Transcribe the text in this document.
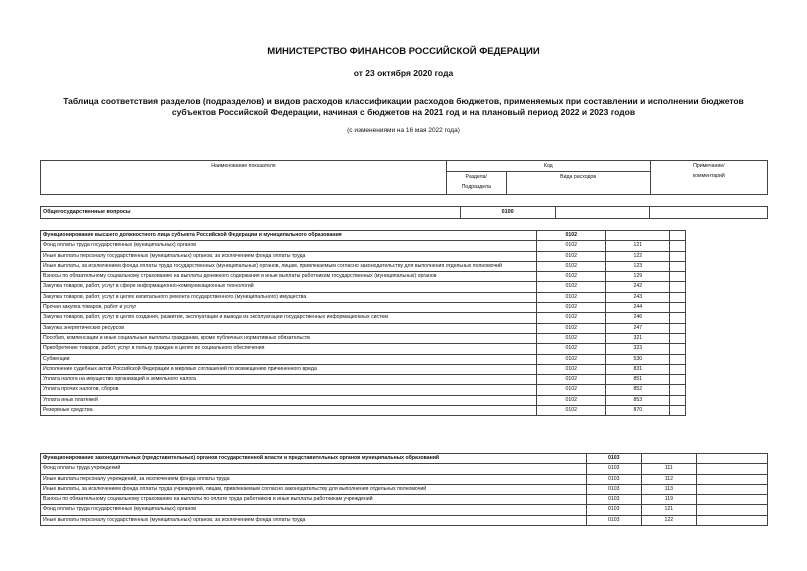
МИНИСТЕРСТВО ФИНАНСОВ РОССИЙСКОЙ ФЕДЕРАЦИИ
от 23 октября 2020 года
Таблица соответствия разделов (подразделов) и видов расходов классификации расходов бюджетов, применяемых при составлении и исполнении бюджетов субъектов Российской Федерации, начиная с бюджетов на 2021 год и на плановый период 2022 и 2023 годов
(с изменениями на 16 мая 2022 года)
Наименование показателя	Код		Примечание/
комментарий

	Раздела/
Подраздела	Вида расходов	
Общегосударственные вопросы	0100		
Функционирование высшего должностного лица субъекта Российской Федерации и муниципального образования	0102		
Фонд оплаты труда государственных (муниципальных) органов	0102	121	
Иные выплаты персоналу государственных (муниципальных) органов, за исключением фонда оплаты труда	0102	122	
Иные выплаты, за исключением фонда оплаты труда государственных (муниципальных) органов, лицам, привлекаемым согласно законодательству для выполнения отдельных полномочий	0102	123	
Взносы по обязательному социальному страхованию на выплаты денежного содержания и иные выплаты работникам государственных (муниципальных) органов	0102	129	
Закупка товаров, работ, услуг в сфере информационно-коммуникационных технологий	0102	242	
Закупка товаров, работ, услуг в целях капитального ремонта государственного (муниципального) имущества	0102	243	
Прочая закупка товаров, работ и услуг	0102	244	
Закупка товаров, работ, услуг в целях создания, развития, эксплуатации и вывода из эксплуатации государственных информационных систем	0102	246	
Закупка энергетических ресурсов	0102	247	
Пособия, компенсации и иные социальные выплаты гражданам, кроме публичных нормативных обязательств	0102	321	
Приобретение товаров, работ, услуг в пользу граждан в целях их социального обеспечения	0102	323	
Субвенции	0102	530	
Исполнение судебных актов Российской Федерации и мировых соглашений по возмещению причиненного вреда	0102	831	
Уплата налога на имущество организаций и земельного налога	0102	851	
Уплата прочих налогов, сборов	0102	852	
Уплата иных платежей	0102	853	
Резервные средства	0102	870	
Функционирование законодательных (представительных) органов государственной власти и представительных органов муниципальных образований	0103		
Фонд оплаты труда учреждений	0103	111	
Иные выплаты персоналу учреждений, за исключением фонда оплаты труда	0103	112	
Иные выплаты, за исключением фонда оплаты труда учреждений, лицам, привлекаемым согласно законодательству для выполнения отдельных полномочий	0103	113	
Взносы по обязательному социальному страхованию на выплаты по оплате труда работников и иные выплаты работникам учреждений	0103	119	
Фонд оплаты труда государственных (муниципальных) органов	0103	121	
Иные выплаты персоналу государственных (муниципальных) органов, за исключением фонда оплаты труда	0103	122	
